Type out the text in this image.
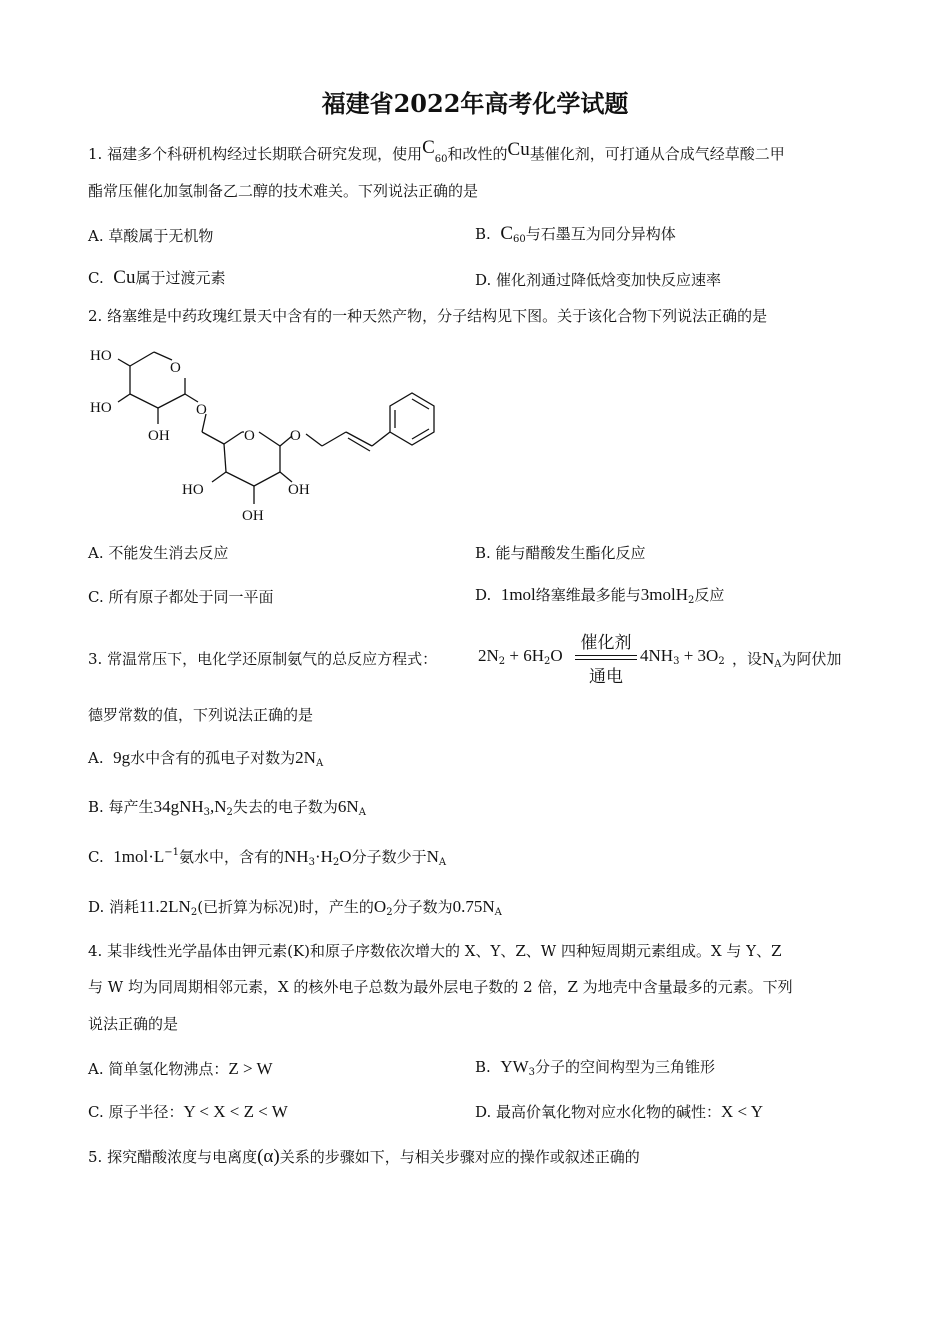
福建省2022年高考化学试题
1. 福建多个科研机构经过长期联合研究发现，使用$C_{60}$和改性的Cu基催化剂，可打通从合成气经草酸二甲
酯常压催化加氢制备乙二醇的技术难关。下列说法正确的是
A. 草酸属于无机物	B. $C_{60}$与石墨互为同分异构体
C. Cu属于过渡元素	D. 催化剂通过降低焓变加快反应速率
2. 络塞维是中药玫瑰红景天中含有的一种天然产物，分子结构见下图。关于该化合物下列说法正确的是
HO
O
HO
OH
O
O O
HO	OH
OH
A. 不能发生消去反应	B. 能与醋酸发生酯化反应
C. 所有原子都处于同一平面	D. 1mol络塞维最多能与3molH$_2$反应
3. 常温常压下，电化学还原制氨气的总反应方程式： $2N_2 + 6H_2O$
催化剂
通电
$4NH_3 + 3O_2$ ，设$N_A$为阿伏加
德罗常数的值，下列说法正确的是
A. 9g水中含有的孤电子对数为$2N_A$
B. 每产生$34gNH_3,N_2$失去的电子数为$6N_A$
C. $1mol\cdot L^{-1}$氨水中，含有的$NH_3\cdot H_2O$分子数少于$N_A$
D. 消耗$11.2LN_2$(已折算为标况)时，产生的$O_2$分子数为$0.75N_A$
4. 某非线性光学晶体由钾元素(K)和原子序数依次增大的 X、Y、Z、W 四种短周期元素组成。X 与 Y、Z
与 W 均为同周期相邻元素，X 的核外电子总数为最外层电子数的 2 倍，Z 为地壳中含量最多的元素。下列
说法正确的是
A. 简单氢化物沸点：Z > W	B. $YW_3$分子的空间构型为三角锥形
C. 原子半径：Y < X < Z < W	D. 最高价氧化物对应水化物的碱性：X < Y
5. 探究醋酸浓度与电离度(α)关系的步骤如下，与相关步骤对应的操作或叙述正确的
